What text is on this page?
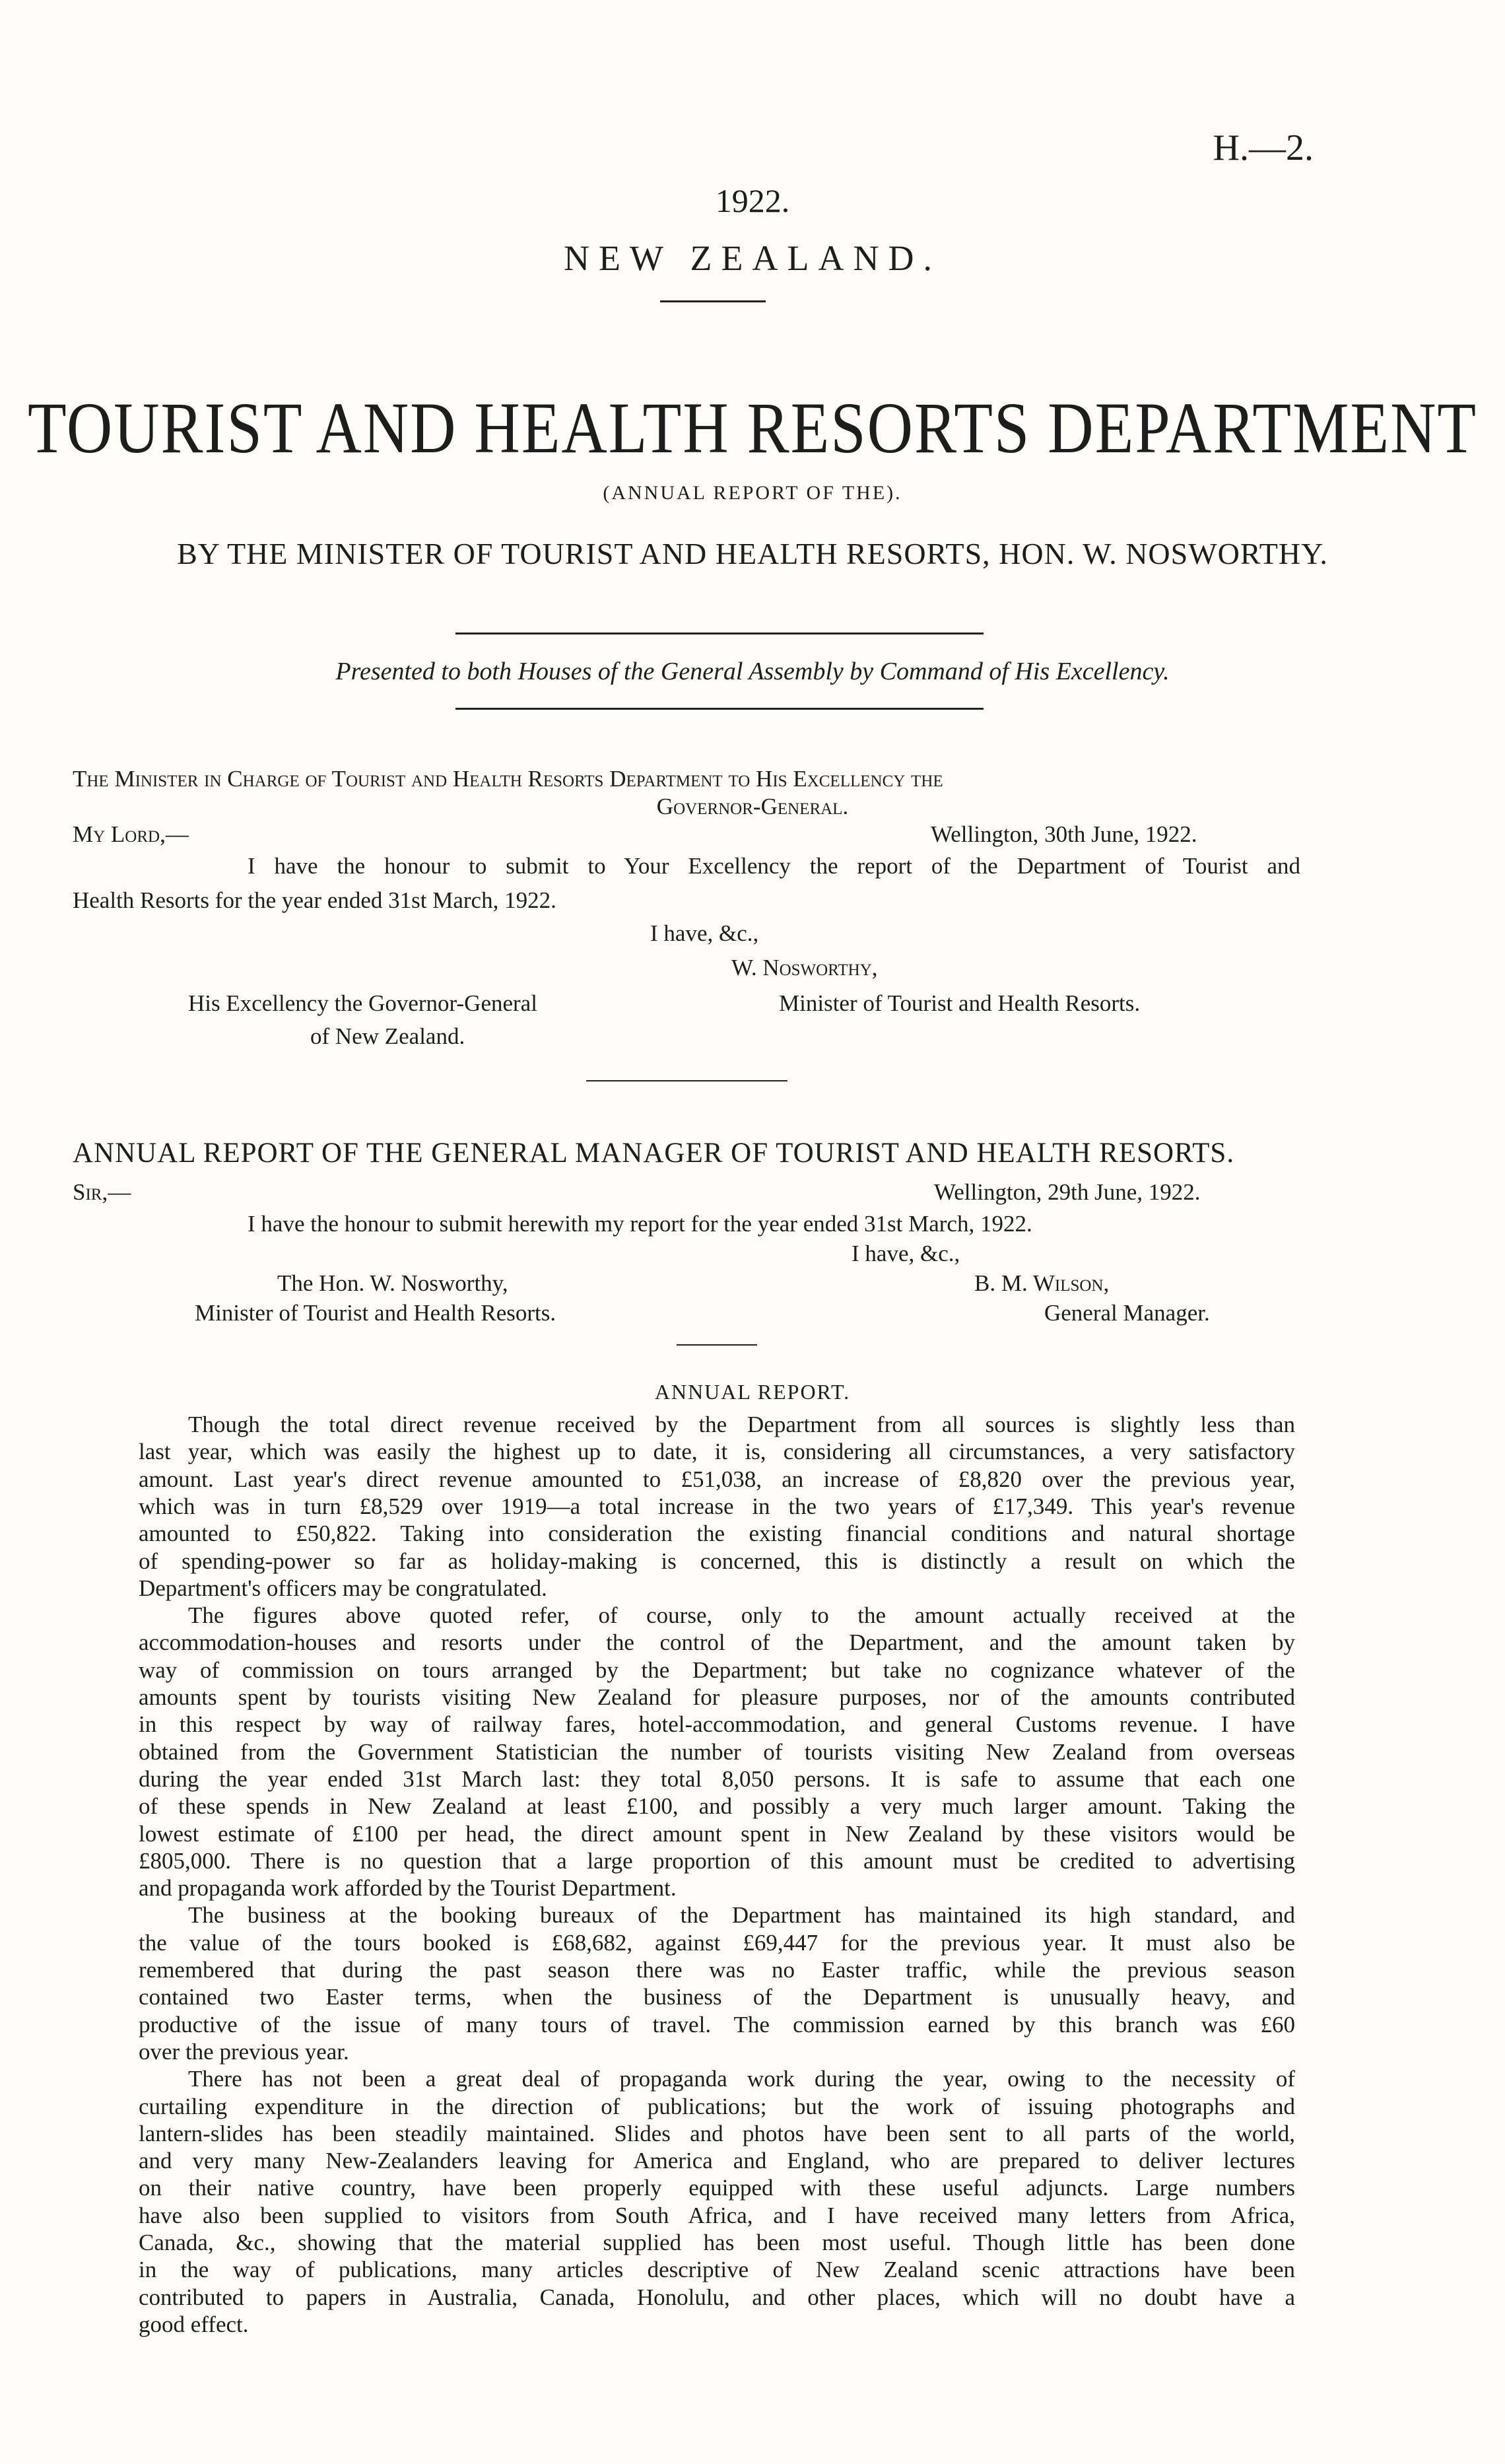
H.—2.
1922.
NEW ZEALAND.
TOURIST AND HEALTH RESORTS DEPARTMENT
(ANNUAL REPORT OF THE).
BY THE MINISTER OF TOURIST AND HEALTH RESORTS, HON. W. NOSWORTHY.
Presented to both Houses of the General Assembly by Command of His Excellency.
The Minister in Charge of Tourist and Health Resorts Department to His Excellency the
Governor-General.
My Lord,—	Wellington, 30th June, 1922.
I have the honour to submit to Your Excellency the report of the Department of Tourist and
Health Resorts for the year ended 31st March, 1922.
I have, &c.,
W. Nosworthy,
His Excellency the Governor-General	Minister of Tourist and Health Resorts.
of New Zealand.
ANNUAL REPORT OF THE GENERAL MANAGER OF TOURIST AND HEALTH RESORTS.
Sir,—	Wellington, 29th June, 1922.
I have the honour to submit herewith my report for the year ended 31st March, 1922.
I have, &c.,
The Hon. W. Nosworthy,	B. M. Wilson,
Minister of Tourist and Health Resorts.	General Manager.
ANNUAL REPORT.
Though the total direct revenue received by the Department from all sources is slightly less than
last year, which was easily the highest up to date, it is, considering all circumstances, a very satisfactory
amount. Last year's direct revenue amounted to £51,038, an increase of £8,820 over the previous year,
which was in turn £8,529 over 1919—a total increase in the two years of £17,349. This year's revenue
amounted to £50,822. Taking into consideration the existing financial conditions and natural shortage
of spending-power so far as holiday-making is concerned, this is distinctly a result on which the
Department's officers may be congratulated.
The figures above quoted refer, of course, only to the amount actually received at the
accommodation-houses and resorts under the control of the Department, and the amount taken by
way of commission on tours arranged by the Department; but take no cognizance whatever of the
amounts spent by tourists visiting New Zealand for pleasure purposes, nor of the amounts contributed
in this respect by way of railway fares, hotel-accommodation, and general Customs revenue. I have
obtained from the Government Statistician the number of tourists visiting New Zealand from overseas
during the year ended 31st March last: they total 8,050 persons. It is safe to assume that each one
of these spends in New Zealand at least £100, and possibly a very much larger amount. Taking the
lowest estimate of £100 per head, the direct amount spent in New Zealand by these visitors would be
£805,000. There is no question that a large proportion of this amount must be credited to advertising
and propaganda work afforded by the Tourist Department.
The business at the booking bureaux of the Department has maintained its high standard, and
the value of the tours booked is £68,682, against £69,447 for the previous year. It must also be
remembered that during the past season there was no Easter traffic, while the previous season
contained two Easter terms, when the business of the Department is unusually heavy, and
productive of the issue of many tours of travel. The commission earned by this branch was £60
over the previous year.
There has not been a great deal of propaganda work during the year, owing to the necessity of
curtailing expenditure in the direction of publications; but the work of issuing photographs and
lantern-slides has been steadily maintained. Slides and photos have been sent to all parts of the world,
and very many New-Zealanders leaving for America and England, who are prepared to deliver lectures
on their native country, have been properly equipped with these useful adjuncts. Large numbers
have also been supplied to visitors from South Africa, and I have received many letters from Africa,
Canada, &c., showing that the material supplied has been most useful. Though little has been done
in the way of publications, many articles descriptive of New Zealand scenic attractions have been
contributed to papers in Australia, Canada, Honolulu, and other places, which will no doubt have a
good effect.
